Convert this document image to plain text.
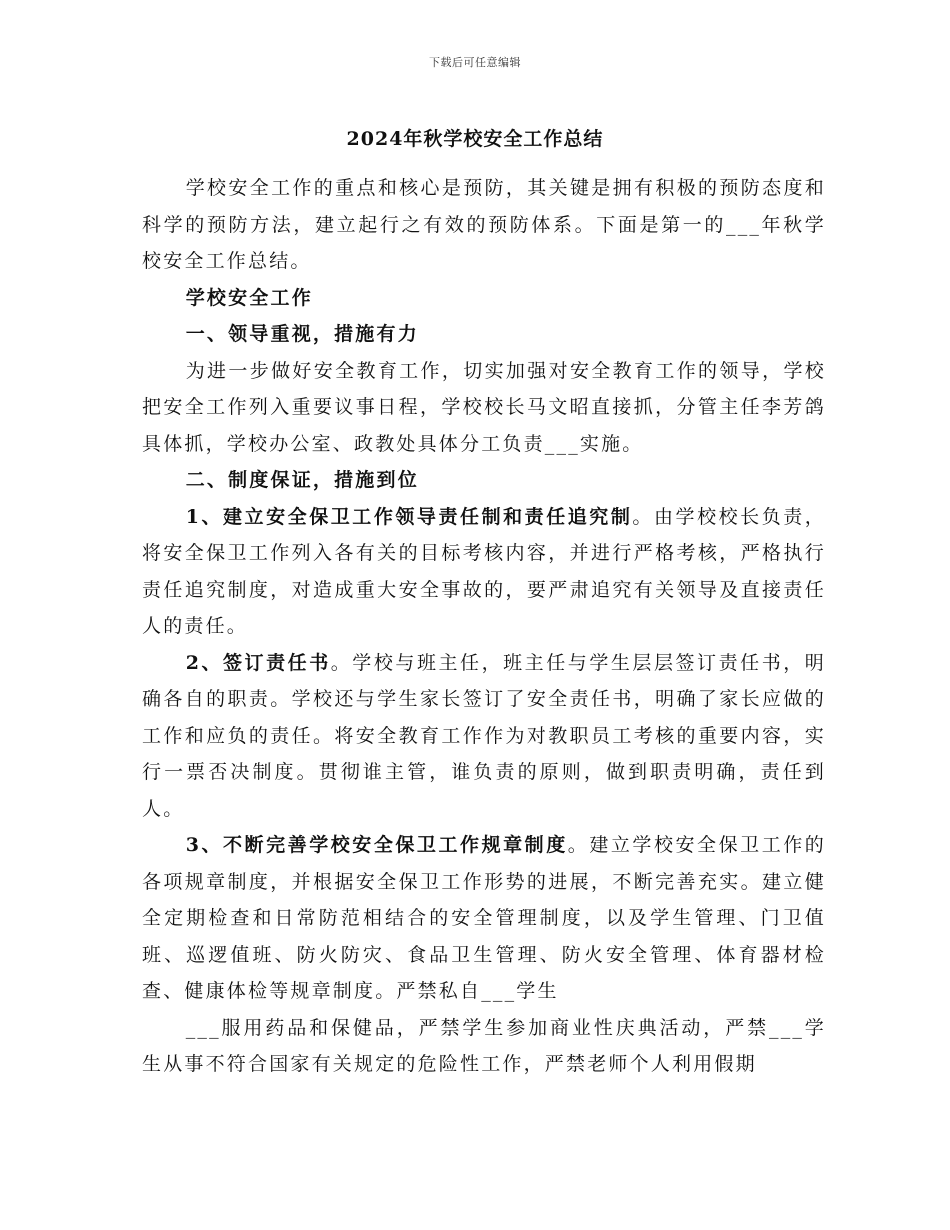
下载后可任意编辑
2024年秋学校安全工作总结

学校安全工作的重点和核心是预防，其关键是拥有积极的预防态度和科学的预防方法，建立起行之有效的预防体系。下面是第一的___年秋学校安全工作总结。

学校安全工作

一、领导重视，措施有力

为进一步做好安全教育工作，切实加强对安全教育工作的领导，学校把安全工作列入重要议事日程，学校校长马文昭直接抓，分管主任李芳鸽具体抓，学校办公室、政教处具体分工负责___实施。

二、制度保证，措施到位

1、建立安全保卫工作领导责任制和责任追究制。由学校校长负责，将安全保卫工作列入各有关的目标考核内容，并进行严格考核，严格执行责任追究制度，对造成重大安全事故的，要严肃追究有关领导及直接责任人的责任。

2、签订责任书。学校与班主任，班主任与学生层层签订责任书，明确各自的职责。学校还与学生家长签订了安全责任书，明确了家长应做的工作和应负的责任。将安全教育工作作为对教职员工考核的重要内容，实行一票否决制度。贯彻谁主管，谁负责的原则，做到职责明确，责任到人。

3、不断完善学校安全保卫工作规章制度。建立学校安全保卫工作的各项规章制度，并根据安全保卫工作形势的进展，不断完善充实。建立健全定期检查和日常防范相结合的安全管理制度，以及学生管理、门卫值班、巡逻值班、防火防灾、食品卫生管理、防火安全管理、体育器材检查、健康体检等规章制度。严禁私自___学生

___服用药品和保健品，严禁学生参加商业性庆典活动，严禁___学生从事不符合国家有关规定的危险性工作，严禁老师个人利用假期
